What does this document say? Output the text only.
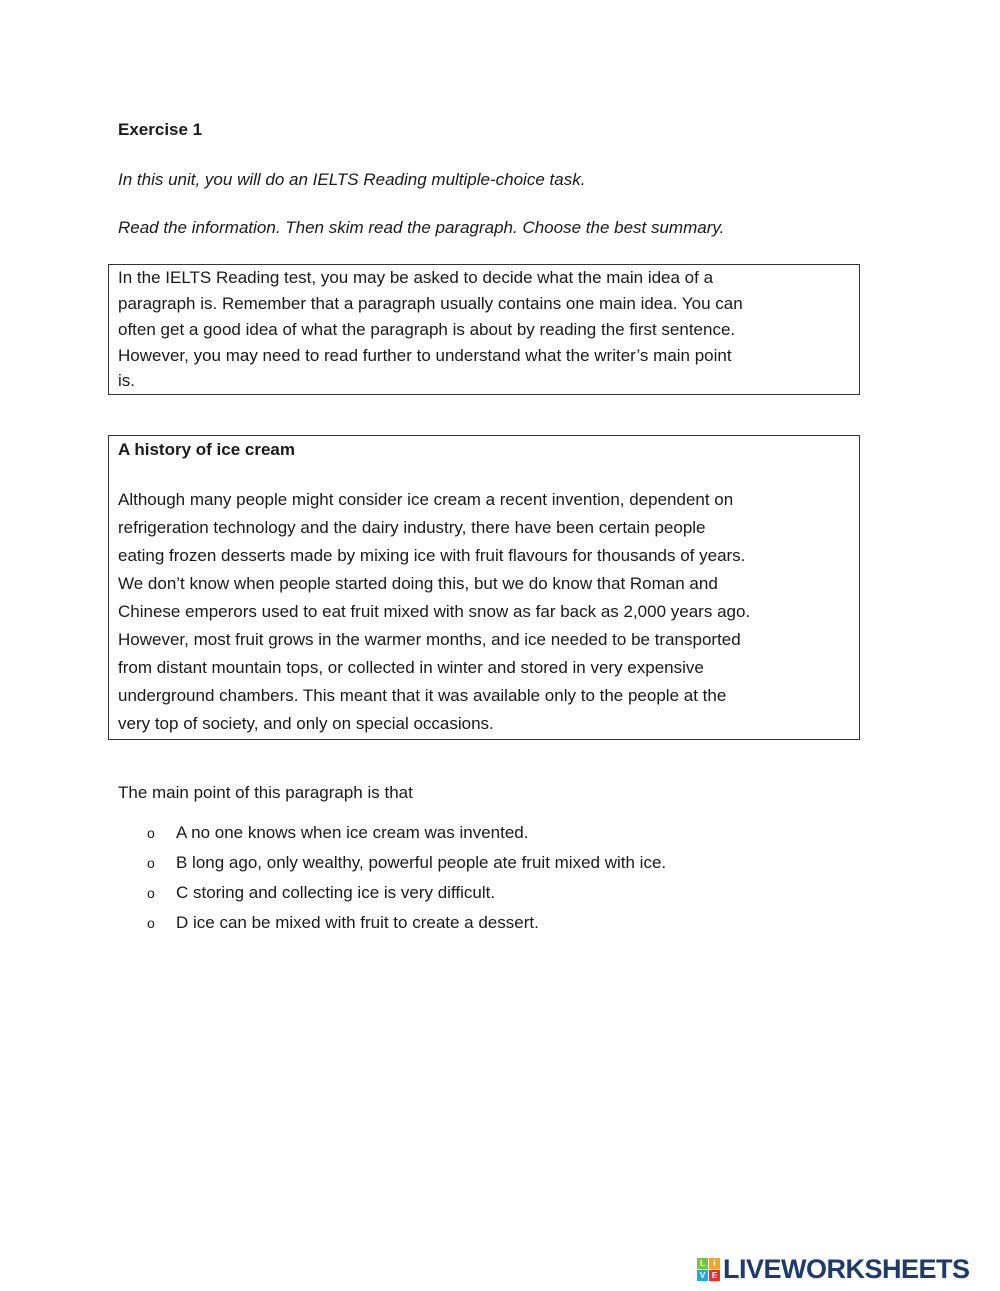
Exercise 1
In this unit, you will do an IELTS Reading multiple-choice task.
Read the information. Then skim read the paragraph. Choose the best summary.
In the IELTS Reading test, you may be asked to decide what the main idea of a
paragraph is. Remember that a paragraph usually contains one main idea. You can
often get a good idea of what the paragraph is about by reading the first sentence.
However, you may need to read further to understand what the writer’s main point
is.
A history of ice cream
Although many people might consider ice cream a recent invention, dependent on
refrigeration technology and the dairy industry, there have been certain people
eating frozen desserts made by mixing ice with fruit flavours for thousands of years.
We don’t know when people started doing this, but we do know that Roman and
Chinese emperors used to eat fruit mixed with snow as far back as 2,000 years ago.
However, most fruit grows in the warmer months, and ice needed to be transported
from distant mountain tops, or collected in winter and stored in very expensive
underground chambers. This meant that it was available only to the people at the
very top of society, and only on special occasions.
The main point of this paragraph is that
o A no one knows when ice cream was invented.
o B long ago, only wealthy, powerful people ate fruit mixed with ice.
o C storing and collecting ice is very difficult.
o D ice can be mixed with fruit to create a dessert.
L	I
V E LIVEWORKSHEETS
